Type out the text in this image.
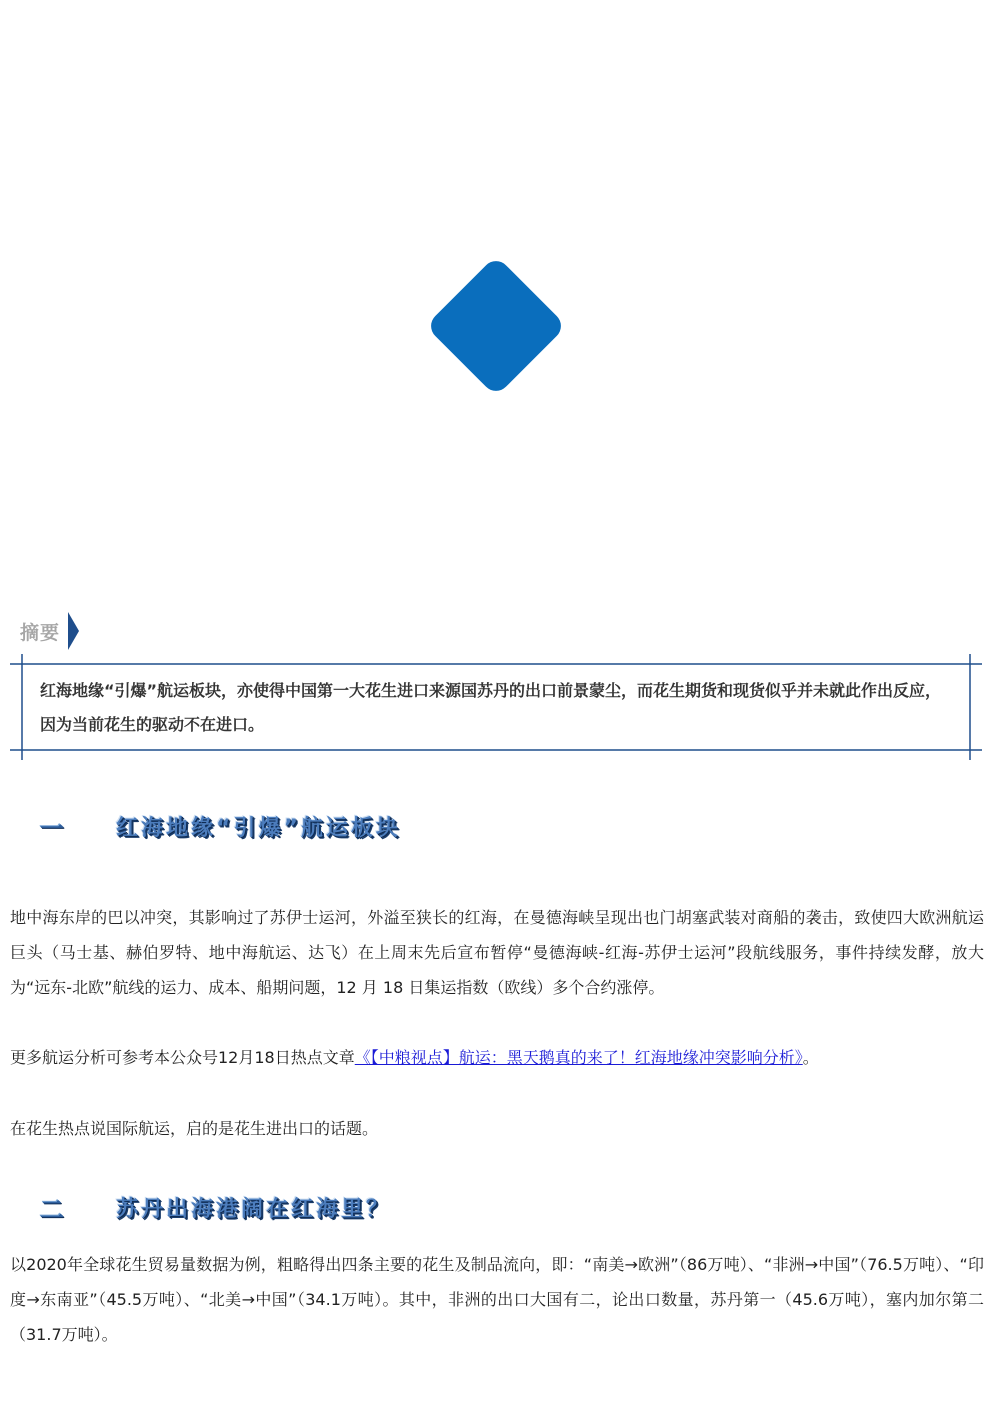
摘要
红海地缘“引爆”航运板块，亦使得中国第一大花生进口来源国苏丹的出口前景蒙尘，而花生期货和现货似乎并未就此作出反应，因为当前花生的驱动不在进口。
一	红海地缘“引爆”航运板块
地中海东岸的巴以冲突，其影响过了苏伊士运河，外溢至狭长的红海，在曼德海峡呈现出也门胡塞武装对商船的袭击，致使四大欧洲航运巨头（马士基、赫伯罗特、地中海航运、达飞）在上周末先后宣布暂停“曼德海峡-红海-苏伊士运河”段航线服务，事件持续发酵，放大为“远东-北欧”航线的运力、成本、船期问题，12 月 18 日集运指数（欧线）多个合约涨停。
更多航运分析可参考本公众号12月18日热点文章《【中粮视点】航运：黑天鹅真的来了！红海地缘冲突影响分析》。
在花生热点说国际航运，启的是花生进出口的话题。
二	苏丹出海港阔在红海里？
以2020年全球花生贸易量数据为例，粗略得出四条主要的花生及制品流向，即：“南美→欧洲”（86万吨）、“非洲→中国”（76.5万吨）、“印度→东南亚”（45.5万吨）、“北美→中国”（34.1万吨）。其中，非洲的出口大国有二，论出口数量，苏丹第一（45.6万吨），塞内加尔第二（31.7万吨）。
